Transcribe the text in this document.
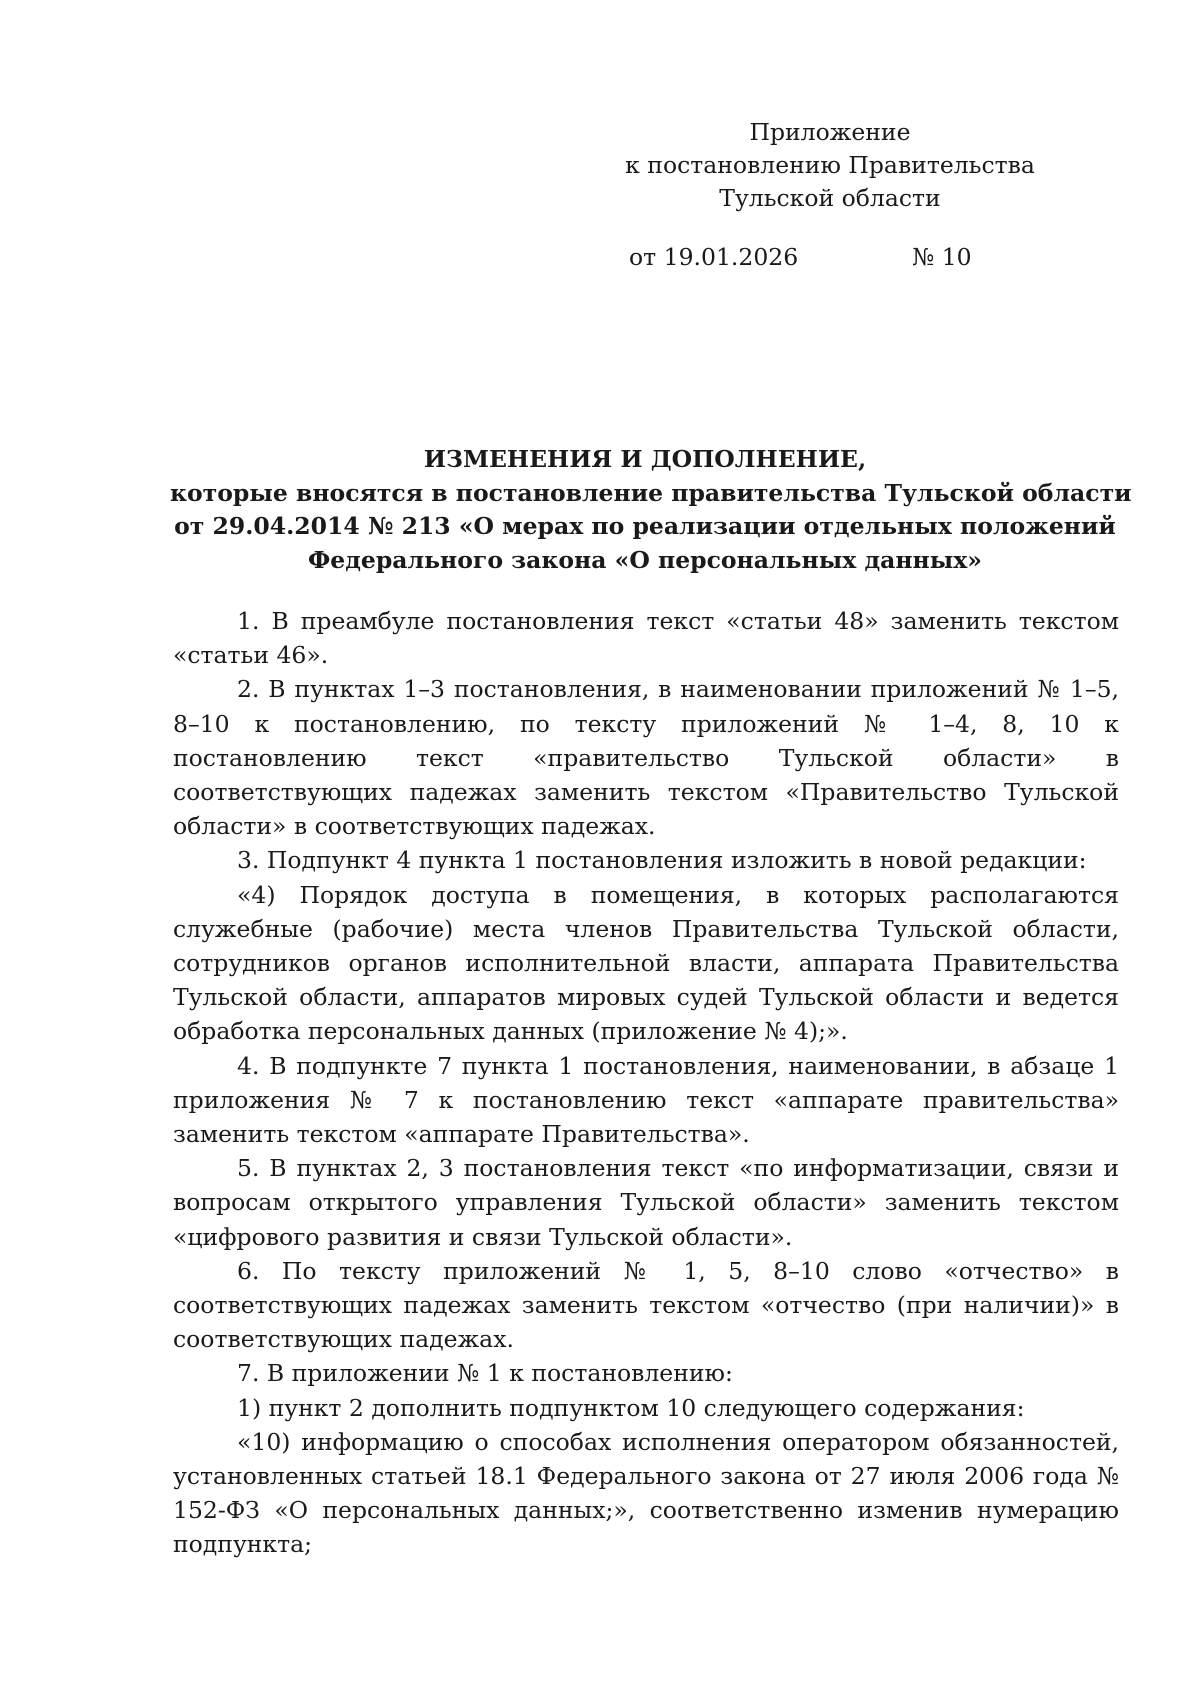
Приложение
к постановлению Правительства
Тульской области
от 19.01.2026	№ 10
ИЗМЕНЕНИЯ И ДОПОЛНЕНИЕ,
которые вносятся в постановление правительства Тульской области
от 29.04.2014 № 213 «О мерах по реализации отдельных положений
Федерального закона «О персональных данных»

1. В преамбуле постановления текст «статьи 48» заменить текстом «статьи 46».

2. В пунктах 1–3 постановления, в наименовании приложений № 1–5, 8–10 к постановлению, по тексту приложений № 1–4, 8, 10 к постановлению текст «правительство Тульской области» в соответствующих падежах заменить текстом «Правительство Тульской области» в соответствующих падежах.

3. Подпункт 4 пункта 1 постановления изложить в новой редакции:

«4) Порядок доступа в помещения, в которых располагаются служебные (рабочие) места членов Правительства Тульской области, сотрудников органов исполнительной власти, аппарата Правительства Тульской области, аппаратов мировых судей Тульской области и ведется обработка персональных данных (приложение № 4);».

4. В подпункте 7 пункта 1 постановления, наименовании, в абзаце 1 приложения № 7 к постановлению текст «аппарате правительства» заменить текстом «аппарате Правительства».

5. В пунктах 2, 3 постановления текст «по информатизации, связи и вопросам открытого управления Тульской области» заменить текстом «цифрового развития и связи Тульской области».

6. По тексту приложений № 1, 5, 8–10 слово «отчество» в соответствующих падежах заменить текстом «отчество (при наличии)» в соответствующих падежах.

7. В приложении № 1 к постановлению:

1) пункт 2 дополнить подпунктом 10 следующего содержания:

«10) информацию о способах исполнения оператором обязанностей, установленных статьей 18.1 Федерального закона от 27 июля 2006 года № 152-ФЗ «О персональных данных;», соответственно изменив нумерацию подпункта;
